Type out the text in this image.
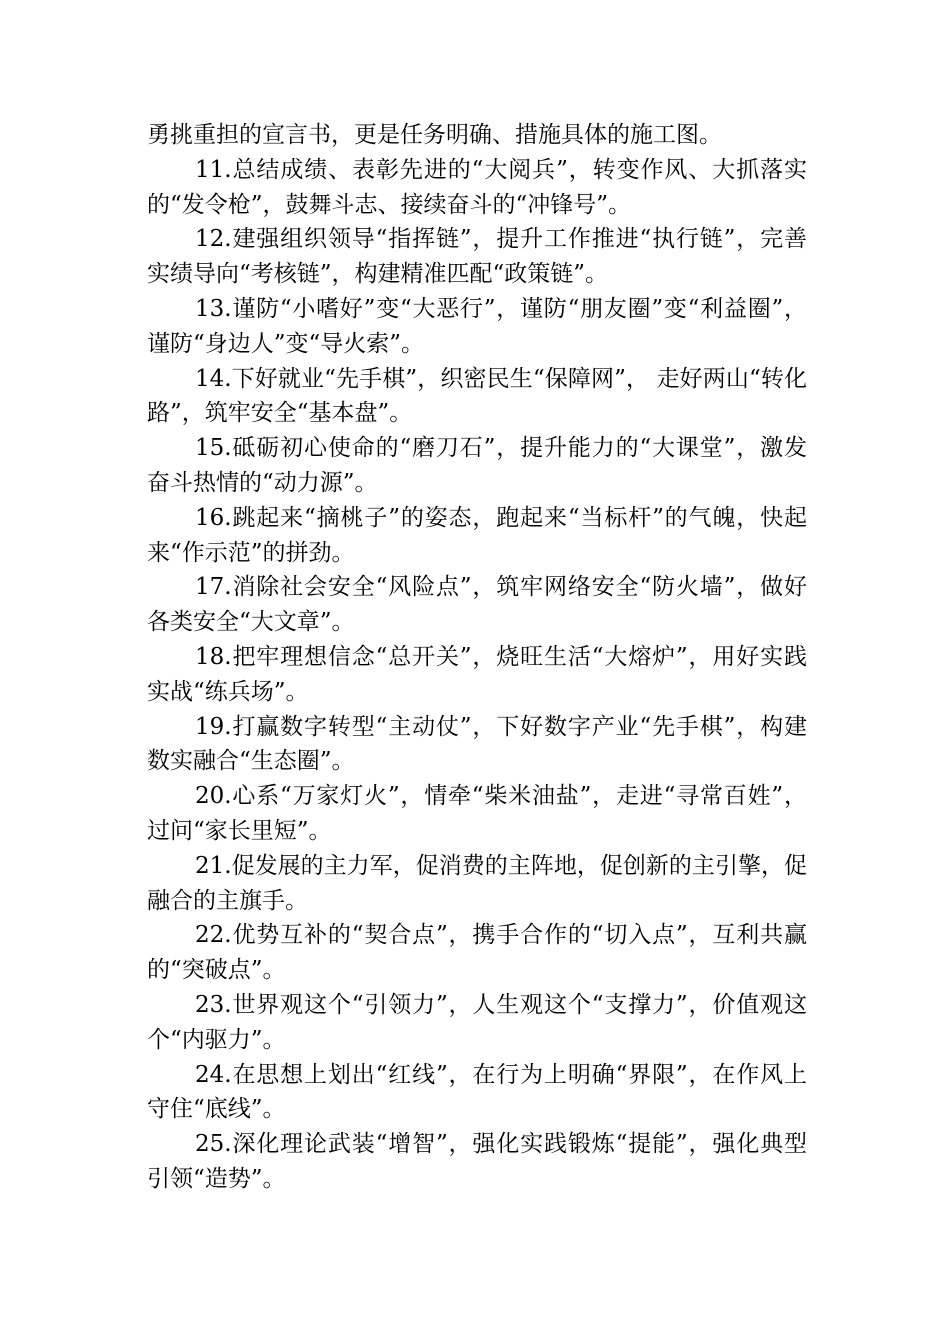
勇挑重担的宣言书，更是任务明确、措施具体的施工图。

11.总结成绩、表彰先进的“大阅兵”，转变作风、大抓落实的“发令枪”，鼓舞斗志、接续奋斗的“冲锋号”。

12.建强组织领导“指挥链”，提升工作推进“执行链”，完善实绩导向“考核链”，构建精准匹配“政策链”。

13.谨防“小嗜好”变“大恶行”，谨防“朋友圈”变“利益圈”，谨防“身边人”变“导火索”。

14.下好就业“先手棋”，织密民生“保障网”， 走好两山“转化路”，筑牢安全“基本盘”。

15.砥砺初心使命的“磨刀石”，提升能力的“大课堂”，激发奋斗热情的“动力源”。

16.跳起来“摘桃子”的姿态，跑起来“当标杆”的气魄，快起来“作示范”的拼劲。

17.消除社会安全“风险点”，筑牢网络安全“防火墙”，做好各类安全“大文章”。

18.把牢理想信念“总开关”，烧旺生活“大熔炉”，用好实践实战“练兵场”。

19.打赢数字转型“主动仗”，下好数字产业“先手棋”，构建数实融合“生态圈”。

20.心系“万家灯火”，情牵“柴米油盐”，走进“寻常百姓”，过问“家长里短”。

21.促发展的主力军，促消费的主阵地，促创新的主引擎，促融合的主旗手。

22.优势互补的“契合点”，携手合作的“切入点”，互利共赢的“突破点”。

23.世界观这个“引领力”，人生观这个“支撑力”，价值观这个“内驱力”。

24.在思想上划出“红线”，在行为上明确“界限”，在作风上守住“底线”。

25.深化理论武装“增智”，强化实践锻炼“提能”，强化典型引领“造势”。
